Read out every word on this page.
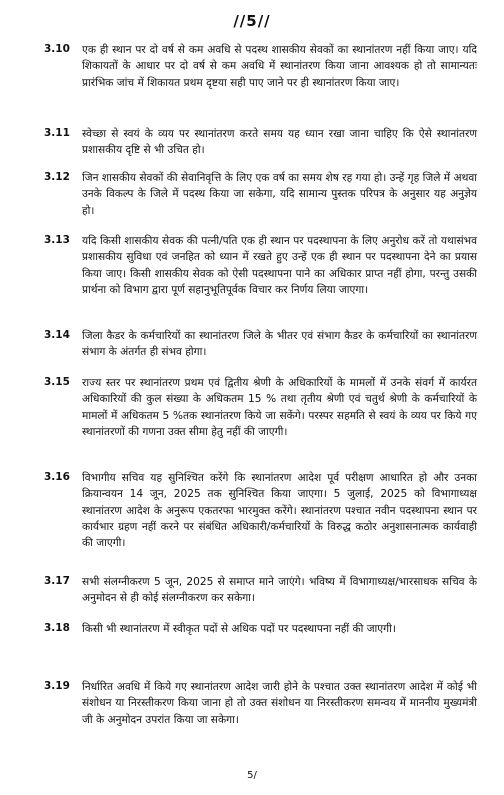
//5//
3.10 एक ही स्थान पर दो वर्ष से कम अवधि से पदस्थ शासकीय सेवकों का स्थानांतरण नहीं किया जाए। यदि शिकायतों के आधार पर दो वर्ष से कम अवधि में स्थानांतरण किया जाना आवश्यक हो तो सामान्यतः प्रारंभिक जांच में शिकायत प्रथम दृष्टया सही पाए जाने पर ही स्थानांतरण किया जाए।

3.11 स्वेच्छा से स्वयं के व्यय पर स्थानांतरण करते समय यह ध्यान रखा जाना चाहिए कि ऐसे स्थानांतरण प्रशासकीय दृष्टि से भी उचित हो।

3.12 जिन शासकीय सेवकों की सेवानिवृत्ति के लिए एक वर्ष का समय शेष रह गया हो। उन्हें गृह जिले में अथवा उनके विकल्प के जिले में पदस्थ किया जा सकेगा, यदि सामान्य पुस्तक परिपत्र के अनुसार यह अनुज्ञेय हो।

3.13 यदि किसी शासकीय सेवक की पत्नी/पति एक ही स्थान पर पदस्थापना के लिए अनुरोध करें तो यथासंभव प्रशासकीय सुविधा एवं जनहित को ध्यान में रखते हुए उन्हें एक ही स्थान पर पदस्थापना देने का प्रयास किया जाए। किसी शासकीय सेवक को ऐसी पदस्थापना पाने का अधिकार प्राप्त नहीं होगा, परन्तु उसकी प्रार्थना को विभाग द्वारा पूर्ण सहानुभूतिपूर्वक विचार कर निर्णय लिया जाएगा।

3.14 जिला कैडर के कर्मचारियों का स्थानांतरण जिले के भीतर एवं संभाग कैडर के कर्मचारियों का स्थानांतरण संभाग के अंतर्गत ही संभव होगा।

3.15 राज्य स्तर पर स्थानांतरण प्रथम एवं द्वितीय श्रेणी के अधिकारियों के मामलों में उनके संवर्ग में कार्यरत अधिकारियों की कुल संख्या के अधिकतम 15 % तथा तृतीय श्रेणी एवं चतुर्थ श्रेणी के कर्मचारियों के मामलों में अधिकतम 5 %तक स्थानांतरण किये जा सकेंगे। परस्पर सहमति से स्वयं के व्यय पर किये गए स्थानांतरणों की गणना उक्त सीमा हेतु नहीं की जाएगी।

3.16 विभागीय सचिव यह सुनिश्चित करेंगे कि स्थानांतरण आदेश पूर्व परीक्षण आधारित हो और उनका क्रियान्वयन 14 जून, 2025 तक सुनिश्चित किया जाएगा। 5 जुलाई, 2025 को विभागाध्यक्ष स्थानांतरण आदेश के अनुरूप एकतरफा भारमुक्त करेंगे। स्थानांतरण पश्चात नवीन पदस्थापना स्थान पर कार्यभार ग्रहण नहीं करने पर संबंधित अधिकारी/कर्मचारियों के विरुद्ध कठोर अनुशासनात्मक कार्यवाही की जाएगी।

3.17 सभी संलग्नीकरण 5 जून, 2025 से समाप्त माने जाएंगे। भविष्य में विभागाध्यक्ष/भारसाधक सचिव के अनुमोदन से ही कोई संलग्नीकरण कर सकेगा।

3.18 किसी भी स्थानांतरण में स्वीकृत पदों से अधिक पदों पर पदस्थापना नहीं की जाएगी।

3.19 निर्धारित अवधि में किये गए स्थानांतरण आदेश जारी होने के पश्चात उक्त स्थानांतरण आदेश में कोई भी संशोधन या निरस्तीकरण किया जाना हो तो उक्त संशोधन या निरस्तीकरण समन्वय में माननीय मुख्यमंत्री जी के अनुमोदन उपरांत किया जा सकेगा।

5/
